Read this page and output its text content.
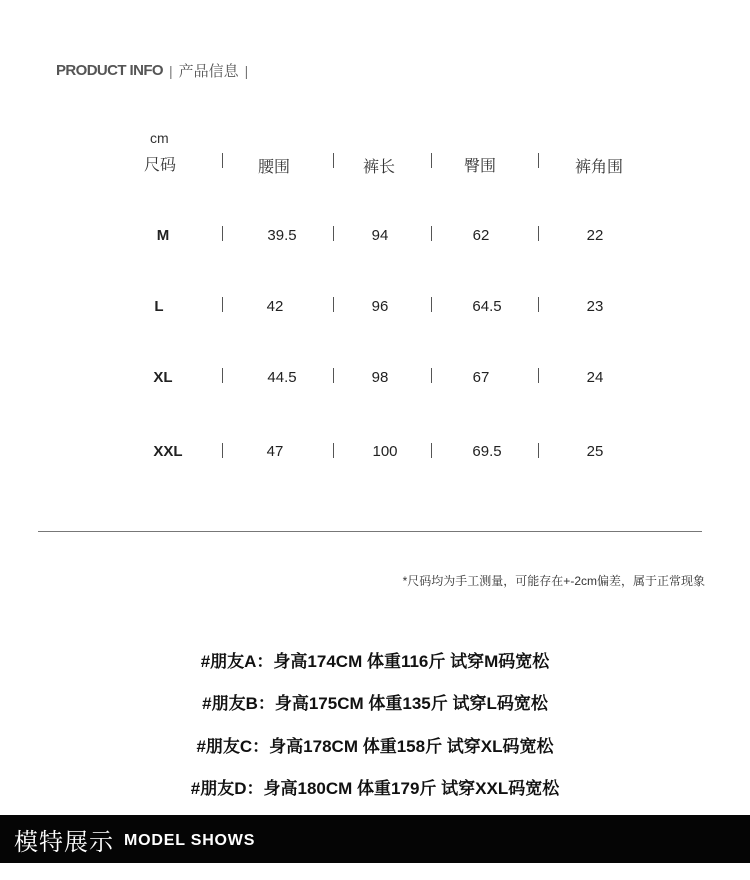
PRODUCT INFO | 产品信息 |
cm
尺码	腰围	裤长	臀围	裤角围
M	39.5	94	62	22
L	42	96	64.5	23
XL	44.5	98	67	24
XXL	47	100	69.5	25
*尺码均为手工测量，可能存在+-2cm偏差，属于正常现象
#朋友A：身高174CM 体重116斤 试穿M码宽松
#朋友B：身高175CM 体重135斤 试穿L码宽松
#朋友C：身高178CM 体重158斤 试穿XL码宽松
#朋友D：身高180CM 体重179斤 试穿XXL码宽松
模特展示 MODEL SHOWS
